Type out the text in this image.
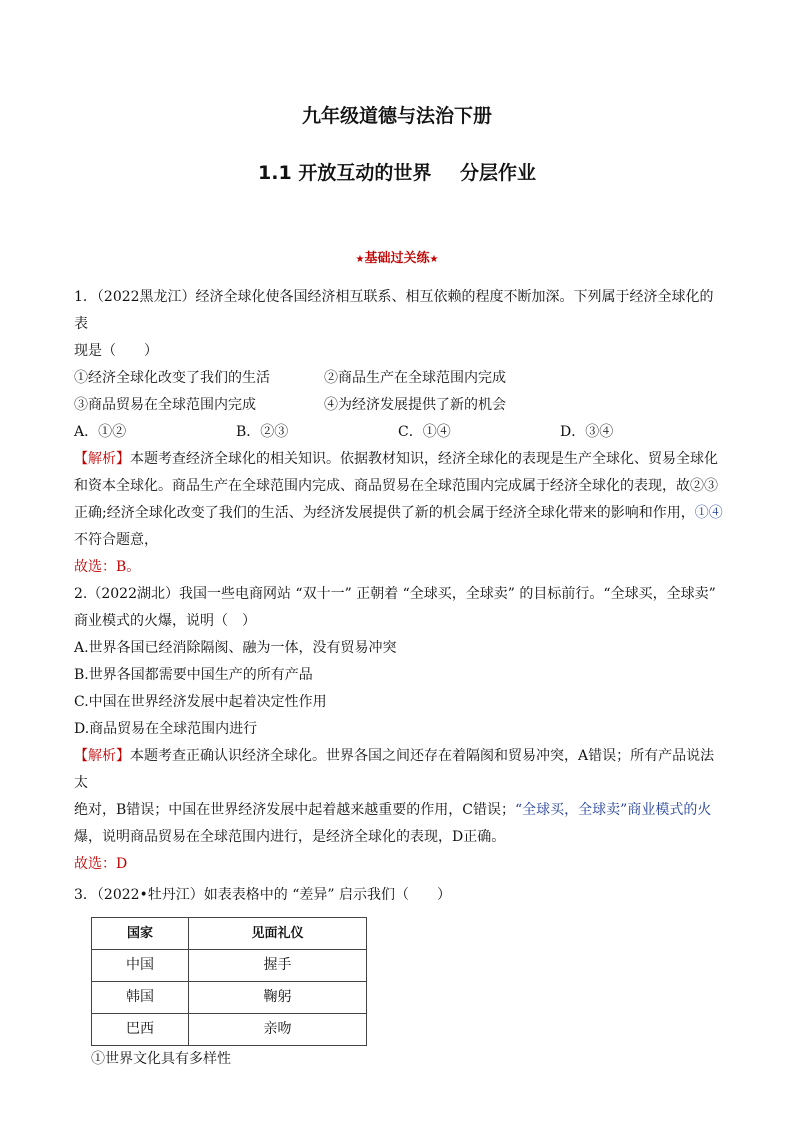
九年级道德与法治下册
1.1 开放互动的世界 分层作业
★基础过关练★

1．（2022黑龙江）经济全球化使各国经济相互联系、相互依赖的程度不断加深。下列属于经济全球化的表

现是（　　）

①经济全球化改变了我们的生活	②商品生产在全球范围内完成
③商品贸易在全球范围内完成	④为经济发展提供了新的机会
A．①②	B．②③	C．①④	D．③④

【解析】本题考查经济全球化的相关知识。依据教材知识，经济全球化的表现是生产全球化、贸易全球化

和资本全球化。商品生产在全球范围内完成、商品贸易在全球范围内完成属于经济全球化的表现，故②③

正确;经济全球化改变了我们的生活、为经济发展提供了新的机会属于经济全球化带来的影响和作用，①④

不符合题意，

故选：B。

2.（2022湖北）我国一些电商网站 “双十一” 正朝着 “全球买，全球卖” 的目标前行。“全球买，全球卖”

商业模式的火爆，说明（　）

A.世界各国已经消除隔阂、融为一体，没有贸易冲突

B.世界各国都需要中国生产的所有产品

C.中国在世界经济发展中起着决定性作用

D.商品贸易在全球范围内进行

【解析】本题考查正确认识经济全球化。世界各国之间还存在着隔阂和贸易冲突，A错误；所有产品说法太

绝对，B错误；中国在世界经济发展中起着越来越重要的作用，C错误；“全球买，全球卖”商业模式的火

爆，说明商品贸易在全球范围内进行，是经济全球化的表现，D正确。

故选：D

3．（2022•牡丹江）如表表格中的 “差异” 启示我们（　　）

国家	见面礼仪
中国	握手
韩国	鞠躬
巴西	亲吻

①世界文化具有多样性
